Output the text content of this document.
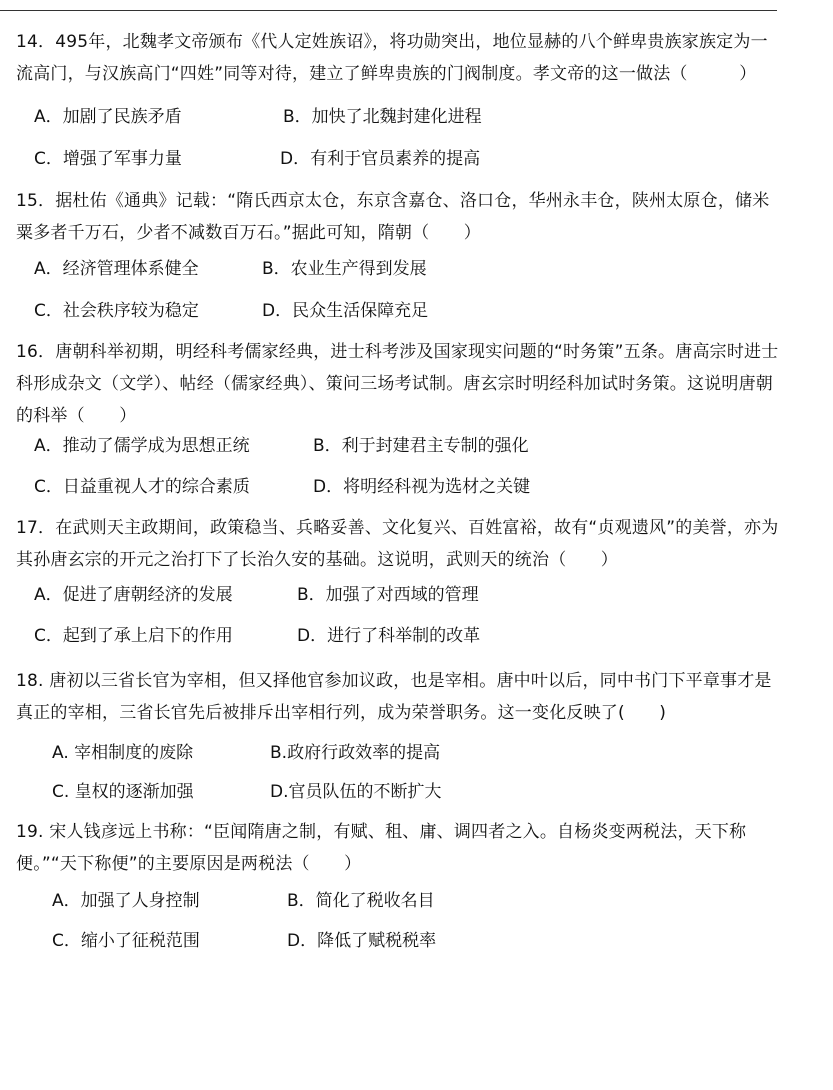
14．495年，北魏孝文帝颁布《代人定姓族诏》，将功勋突出，地位显赫的八个鲜卑贵族家族定为一流高门，与汉族高门“四姓”同等对待，建立了鲜卑贵族的门阀制度。孝文帝的这一做法（　　　）

A．加剧了民族矛盾	B．加快了北魏封建化进程
C．增强了军事力量	D．有利于官员素养的提高

15．据杜佑《通典》记载：“隋氏西京太仓，东京含嘉仓、洛口仓，华州永丰仓，陕州太原仓，储米粟多者千万石，少者不减数百万石。”据此可知，隋朝（　　）

A．经济管理体系健全	B．农业生产得到发展
C．社会秩序较为稳定	D．民众生活保障充足

16．唐朝科举初期，明经科考儒家经典，进士科考涉及国家现实问题的“时务策”五条。唐高宗时进士科形成杂文（文学）、帖经（儒家经典）、策问三场考试制。唐玄宗时明经科加试时务策。这说明唐朝的科举（　　）

A．推动了儒学成为思想正统	B．利于封建君主专制的强化
C．日益重视人才的综合素质	D．将明经科视为选材之关键

17．在武则天主政期间，政策稳当、兵略妥善、文化复兴、百姓富裕，故有“贞观遗风”的美誉，亦为其孙唐玄宗的开元之治打下了长治久安的基础。这说明，武则天的统治（　　）

A．促进了唐朝经济的发展	B．加强了对西域的管理
C．起到了承上启下的作用	D．进行了科举制的改革

18. 唐初以三省长官为宰相，但又择他官参加议政，也是宰相。唐中叶以后，同中书门下平章事才是真正的宰相，三省长官先后被排斥出宰相行列，成为荣誉职务。这一变化反映了(　　)

A. 宰相制度的废除	B.政府行政效率的提高
C. 皇权的逐渐加强	D.官员队伍的不断扩大

19. 宋人钱彦远上书称：“臣闻隋唐之制，有赋、租、庸、调四者之入。自杨炎变两税法，天下称便。”“天下称便”的主要原因是两税法（　　）

A．加强了人身控制	B．简化了税收名目
C．缩小了征税范围	D．降低了赋税税率
